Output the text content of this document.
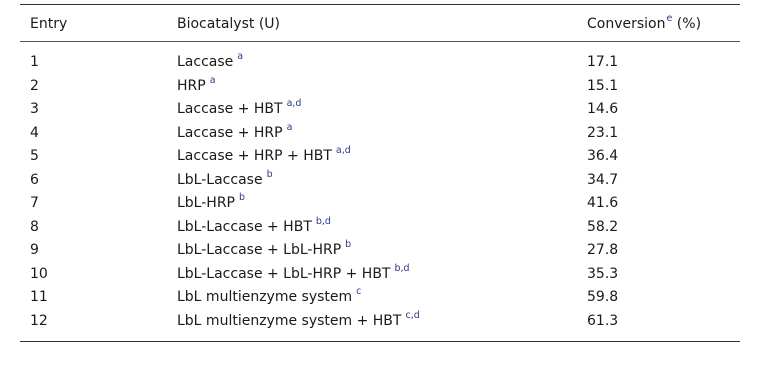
Entry	Biocatalyst (U)	Conversion$^e$ (%)
1	Laccase $^a$	17.1
2	HRP $^a$	15.1
3	Laccase + HBT $^{a,d}$	14.6
4	Laccase + HRP $^a$	23.1
5	Laccase + HRP + HBT $^{a,d}$	36.4
6	LbL-Laccase $^b$	34.7
7	LbL-HRP $^b$	41.6
8	LbL-Laccase + HBT $^{b,d}$	58.2
9	LbL-Laccase + LbL-HRP $^b$	27.8
10	LbL-Laccase + LbL-HRP + HBT $^{b,d}$	35.3
11	LbL multienzyme system $^c$	59.8
12	LbL multienzyme system + HBT $^{c,d}$	61.3
